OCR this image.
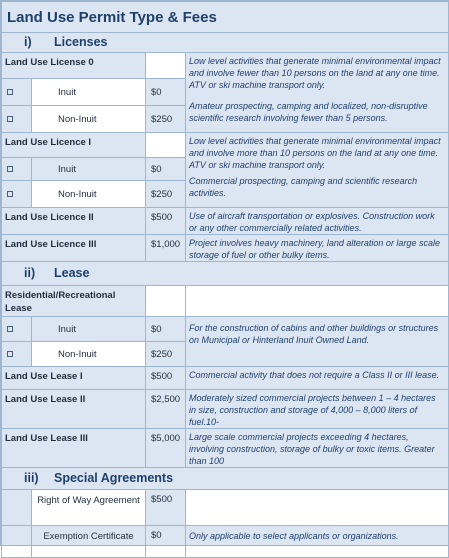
Land Use Permit Type & Fees			
i) Licenses			
Land Use License 0			Low level activities that generate minimal environmental impact and involve fewer than 10 persons on the land at any one time. ATV or ski machine transport only.
Amateur prospecting, camping and localized, non-disruptive scientific research involving fewer than 5 persons.

	Inuit	$0	
	Non-Inuit	$250	
Land Use Licence I			Low level activities that generate minimal environmental impact and involve more than 10 persons on the land at any one time. ATV or ski machine transport only.
Commercial prospecting, camping and scientific research activities.

	Inuit	$0	
	Non-Inuit	$250	
Land Use Licence II		$500	Use of aircraft transportation or explosives. Construction work or any other commercially related activities.
Land Use Licence III		$1,000	Project involves heavy machinery, land alteration or large scale storage of fuel or other bulky items.
ii) Lease			
Residential/Recreational Lease			
	Inuit	$0	For the construction of cabins and other buildings or structures on Municipal or Hinterland Inuit Owned Land.
	Non-Inuit	$250	
Land Use Lease I		$500	Commercial activity that does not require a Class II or III lease.
Land Use Lease II		$2,500	Moderately sized commercial projects between 1 – 4 hectares in size, construction and storage of 4,000 – 8,000 liters of fuel.10-
Land Use Lease III		$5,000	Large scale commercial projects exceeding 4 hectares, involving construction, storage of bulky or toxic items. Greater than 100
iii) Special Agreements			
	Right of Way Agreement	$500	
	Exemption Certificate	$0	Only applicable to select applicants or organizations.
